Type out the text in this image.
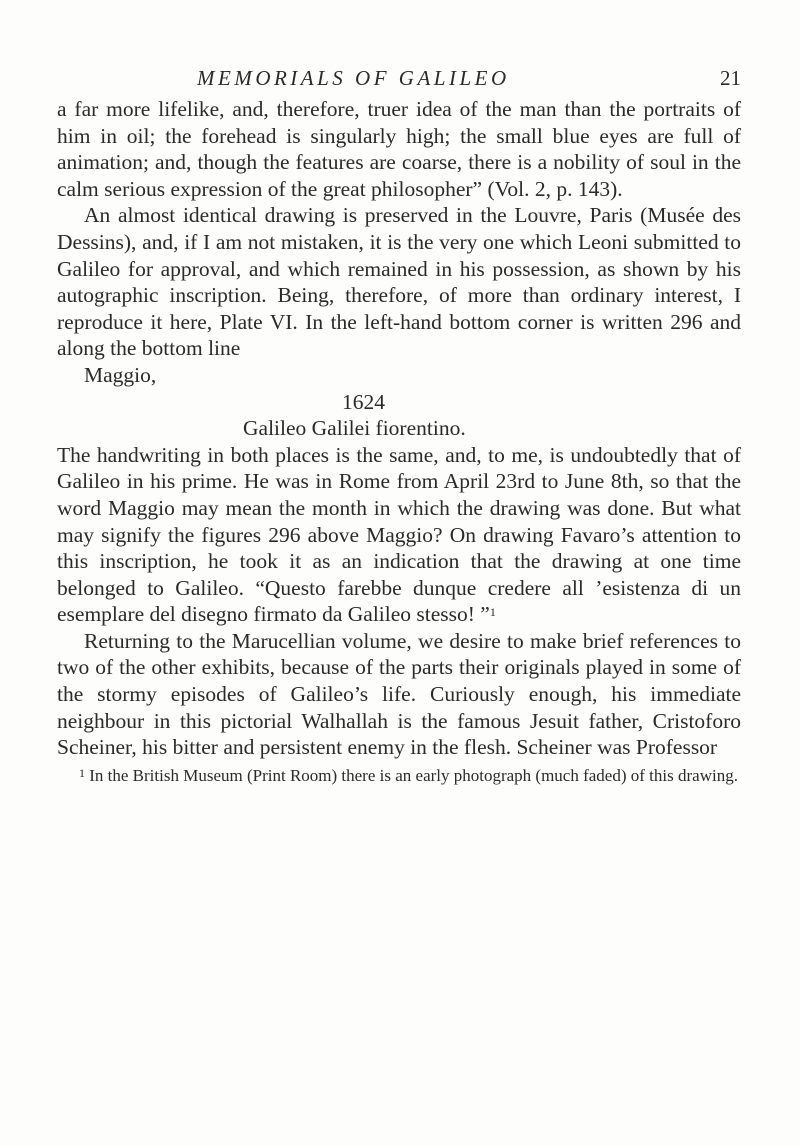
MEMORIALS OF GALILEO	21

a far more lifelike, and, therefore, truer idea of the man than the portraits of him in oil; the forehead is singularly high; the small blue eyes are full of animation; and, though the features are coarse, there is a nobility of soul in the calm serious expression of the great philosopher” (Vol. 2, p. 143).

An almost identical drawing is preserved in the Louvre, Paris (Musée des Dessins), and, if I am not mistaken, it is the very one which Leoni submitted to Galileo for approval, and which remained in his possession, as shown by his autographic inscription. Being, therefore, of more than ordinary interest, I reproduce it here, Plate VI. In the left-hand bottom corner is written 296 and along the bottom line

Maggio,

1624

Galileo Galilei fiorentino.

The handwriting in both places is the same, and, to me, is undoubtedly that of Galileo in his prime. He was in Rome from April 23rd to June 8th, so that the word Maggio may mean the month in which the drawing was done. But what may signify the figures 296 above Maggio? On drawing Favaro’s attention to this inscription, he took it as an indication that the drawing at one time belonged to Galileo. “Questo farebbe dunque credere all ’esistenza di un esemplare del disegno firmato da Galileo stesso! ”$^1$

Returning to the Marucellian volume, we desire to make brief references to two of the other exhibits, because of the parts their originals played in some of the stormy episodes of Galileo’s life. Curiously enough, his immediate neighbour in this pictorial Walhallah is the famous Jesuit father, Cristoforo Scheiner, his bitter and persistent enemy in the flesh. Scheiner was Professor

$^1$ In the British Museum (Print Room) there is an early photograph (much faded) of this drawing.
